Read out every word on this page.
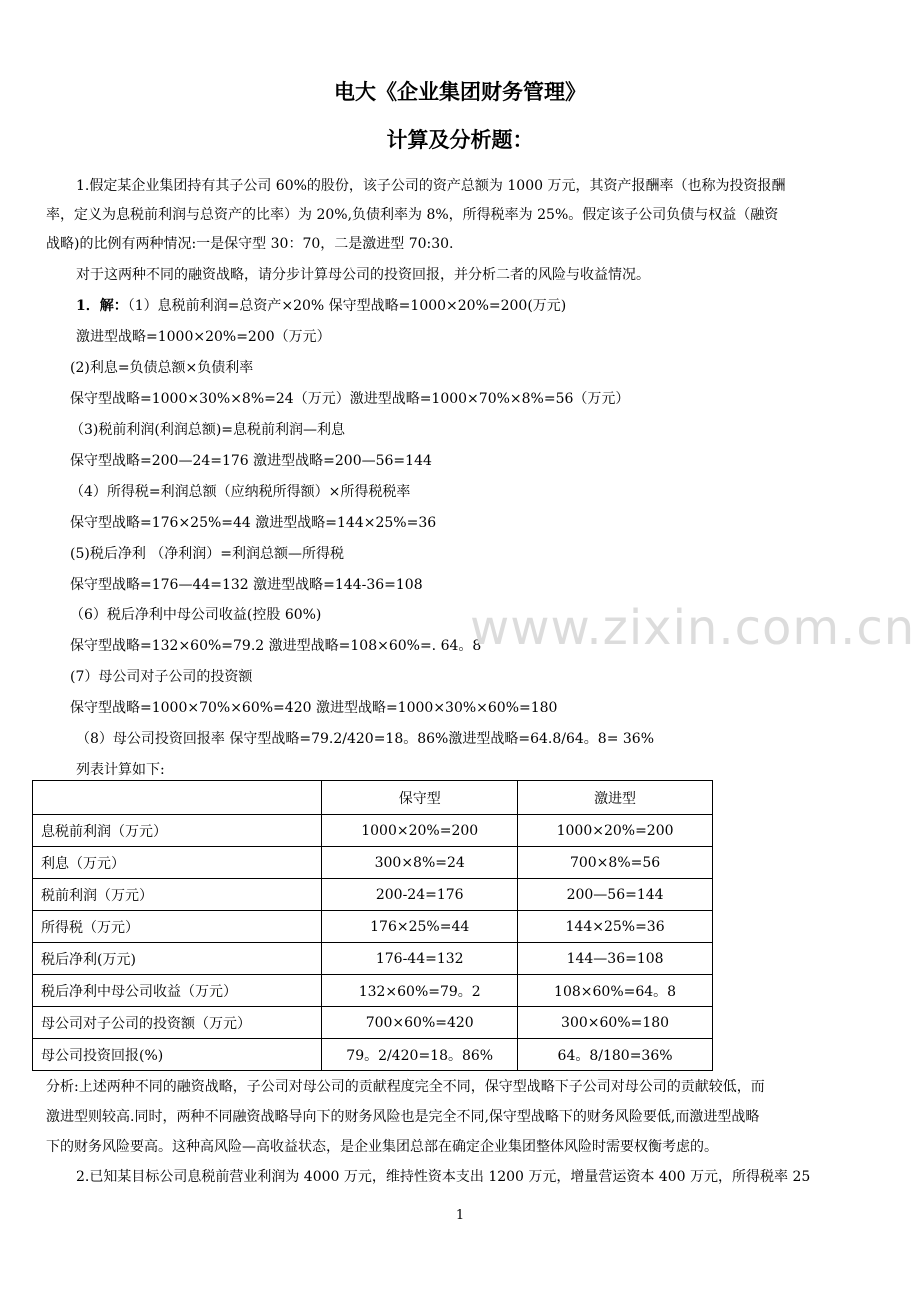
电大《企业集团财务管理》
计算及分析题：
1.假定某企业集团持有其子公司 60%的股份，该子公司的资产总额为 1000 万元，其资产报酬率（也称为投资报酬
率，定义为息税前利润与总资产的比率）为 20%,负债利率为 8%，所得税率为 25%。假定该子公司负债与权益（融资
战略)的比例有两种情况:一是保守型 30：70，二是激进型 70:30.
对于这两种不同的融资战略，请分步计算母公司的投资回报，并分析二者的风险与收益情况。
1．解：（1）息税前利润=总资产×20% 保守型战略=1000×20%=200(万元)
激进型战略=1000×20%=200（万元）
(2)利息=负债总额×负债利率
保守型战略=1000×30%×8%=24（万元）激进型战略=1000×70%×8%=56（万元）
（3)税前利润(利润总额)=息税前利润—利息
保守型战略=200—24=176 激进型战略=200—56=144
（4）所得税=利润总额（应纳税所得额）×所得税税率
保守型战略=176×25%=44 激进型战略=144×25%=36
(5)税后净利 （净利润）=利润总额—所得税
保守型战略=176—44=132 激进型战略=144-36=108
（6）税后净利中母公司收益(控股 60%)
保守型战略=132×60%=79.2 激进型战略=108×60%=. 64。8
(7）母公司对子公司的投资额
保守型战略=1000×70%×60%=420 激进型战略=1000×30%×60%=180
（8）母公司投资回报率 保守型战略=79.2/420=18。86%激进型战略=64.8/64。8= 36%
列表计算如下:
	保守型	激进型
息税前利润（万元）	1000×20%=200	1000×20%=200
利息（万元）	300×8%=24	700×8%=56
税前利润（万元）	200-24=176	200—56=144
所得税（万元）	176×25%=44	144×25%=36
税后净利(万元)	176-44=132	144—36=108
税后净利中母公司收益（万元）	132×60%=79。2	108×60%=64。8
母公司对子公司的投资额（万元）	700×60%=420	300×60%=180
母公司投资回报(%)	79。2/420=18。86%	64。8/180=36%
分析:上述两种不同的融资战略，子公司对母公司的贡献程度完全不同，保守型战略下子公司对母公司的贡献较低，而
激进型则较高.同时，两种不同融资战略导向下的财务风险也是完全不同,保守型战略下的财务风险要低,而激进型战略
下的财务风险要高。这种高风险—高收益状态，是企业集团总部在确定企业集团整体风险时需要权衡考虑的。
2.已知某目标公司息税前营业利润为 4000 万元，维持性资本支出 1200 万元，增量营运资本 400 万元，所得税率 25
www.zixin.com.cn
1
